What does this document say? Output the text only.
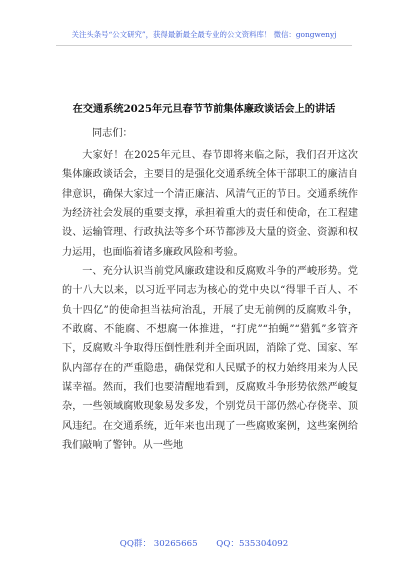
关注头条号“公文研究”，获得最新最全最专业的公文资料库！ 微信：gongwenyj
在交通系统2025年元旦春节节前集体廉政谈话会上的讲话
同志们：

大家好！在2025年元旦、春节即将来临之际，我们召开这次集体廉政谈话会，主要目的是强化交通系统全体干部职工的廉洁自律意识，确保大家过一个清正廉洁、风清气正的节日。交通系统作为经济社会发展的重要支撑，承担着重大的责任和使命，在工程建设、运输管理、行政执法等多个环节都涉及大量的资金、资源和权力运用，也面临着诸多廉政风险和考验。

一、充分认识当前党风廉政建设和反腐败斗争的严峻形势。党的十八大以来，以习近平同志为核心的党中央以“得罪千百人、不负十四亿”的使命担当祛疴治乱，开展了史无前例的反腐败斗争，不敢腐、不能腐、不想腐一体推进，“打虎”“拍蝇”“猎狐”多管齐下，反腐败斗争取得压倒性胜利并全面巩固，消除了党、国家、军队内部存在的严重隐患，确保党和人民赋予的权力始终用来为人民谋幸福。然而，我们也要清醒地看到，反腐败斗争形势依然严峻复杂，一些领域腐败现象易发多发，个别党员干部仍然心存侥幸、顶风违纪。在交通系统，近年来也出现了一些腐败案例，这些案例给我们敲响了警钟。从一些地

QQ群： 30265665 QQ：535304092
